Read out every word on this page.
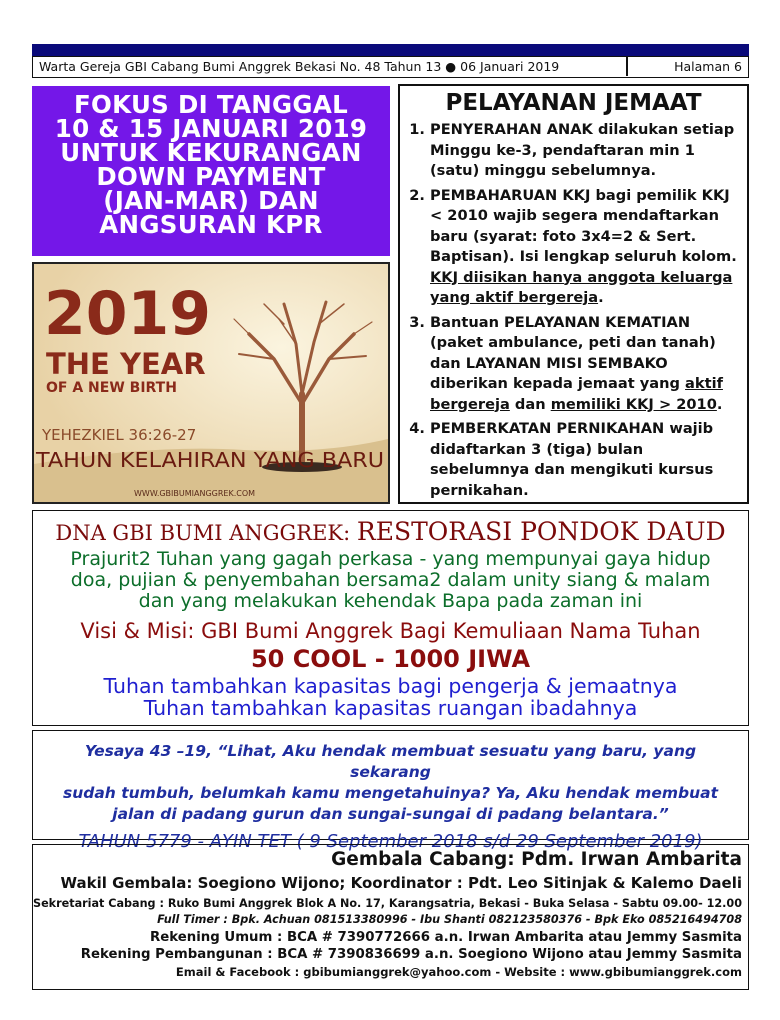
Warta Gereja GBI Cabang Bumi Anggrek Bekasi No. 48 Tahun 13 ● 06 Januari 2019	Halaman 6
FOKUS DI TANGGAL
10 & 15 JANUARI 2019
UNTUK KEKURANGAN
DOWN PAYMENT
(JAN-MAR) DAN
ANGSURAN KPR
PELAYANAN JEMAAT
1. PENYERAHAN ANAK dilakukan setiap Minggu ke-3, pendaftaran min 1 (satu) minggu sebelumnya.
2. PEMBAHARUAN KKJ bagi pemilik KKJ < 2010 wajib segera mendaftarkan baru (syarat: foto 3x4=2 & Sert. Baptisan). Isi lengkap seluruh kolom. KKJ diisikan hanya anggota keluarga yang aktif bergereja.
3. Bantuan PELAYANAN KEMATIAN (paket ambulance, peti dan tanah) dan LAYANAN MISI SEMBAKO diberikan kepada jemaat yang aktif bergereja dan memiliki KKJ > 2010.
4. PEMBERKATAN PERNIKAHAN wajib didaftarkan 3 (tiga) bulan sebelumnya dan mengikuti kursus pernikahan.
2019
THE YEAR
OF A NEW BIRTH
YEHEZKIEL 36:26-27
TAHUN KELAHIRAN YANG BARU
WWW.GBIBUMIANGGREK.COM
DNA GBI BUMI ANGGREK: RESTORASI PONDOK DAUD
Prajurit2 Tuhan yang gagah perkasa - yang mempunyai gaya hidup
doa, pujian & penyembahan bersama2 dalam unity siang & malam
dan yang melakukan kehendak Bapa pada zaman ini
Visi & Misi: GBI Bumi Anggrek Bagi Kemuliaan Nama Tuhan
50 COOL - 1000 JIWA
Tuhan tambahkan kapasitas bagi pengerja & jemaatnya
Tuhan tambahkan kapasitas ruangan ibadahnya
Yesaya 43 –19, “Lihat, Aku hendak membuat sesuatu yang baru, yang sekarang
sudah tumbuh, belumkah kamu mengetahuinya? Ya, Aku hendak membuat
jalan di padang gurun dan sungai-sungai di padang belantara.”
TAHUN 5779 - AYIN TET ( 9 September 2018 s/d 29 September 2019)
Gembala Cabang: Pdm. Irwan Ambarita
Wakil Gembala: Soegiono Wijono; Koordinator : Pdt. Leo Sitinjak & Kalemo Daeli
Sekretariat Cabang : Ruko Bumi Anggrek Blok A No. 17, Karangsatria, Bekasi - Buka Selasa - Sabtu 09.00- 12.00
Full Timer : Bpk. Achuan 081513380996 - Ibu Shanti 082123580376 - Bpk Eko 085216494708
Rekening Umum : BCA # 7390772666 a.n. Irwan Ambarita atau Jemmy Sasmita
Rekening Pembangunan : BCA # 7390836699 a.n. Soegiono Wijono atau Jemmy Sasmita
Email & Facebook : gbibumianggrek@yahoo.com - Website : www.gbibumianggrek.com
